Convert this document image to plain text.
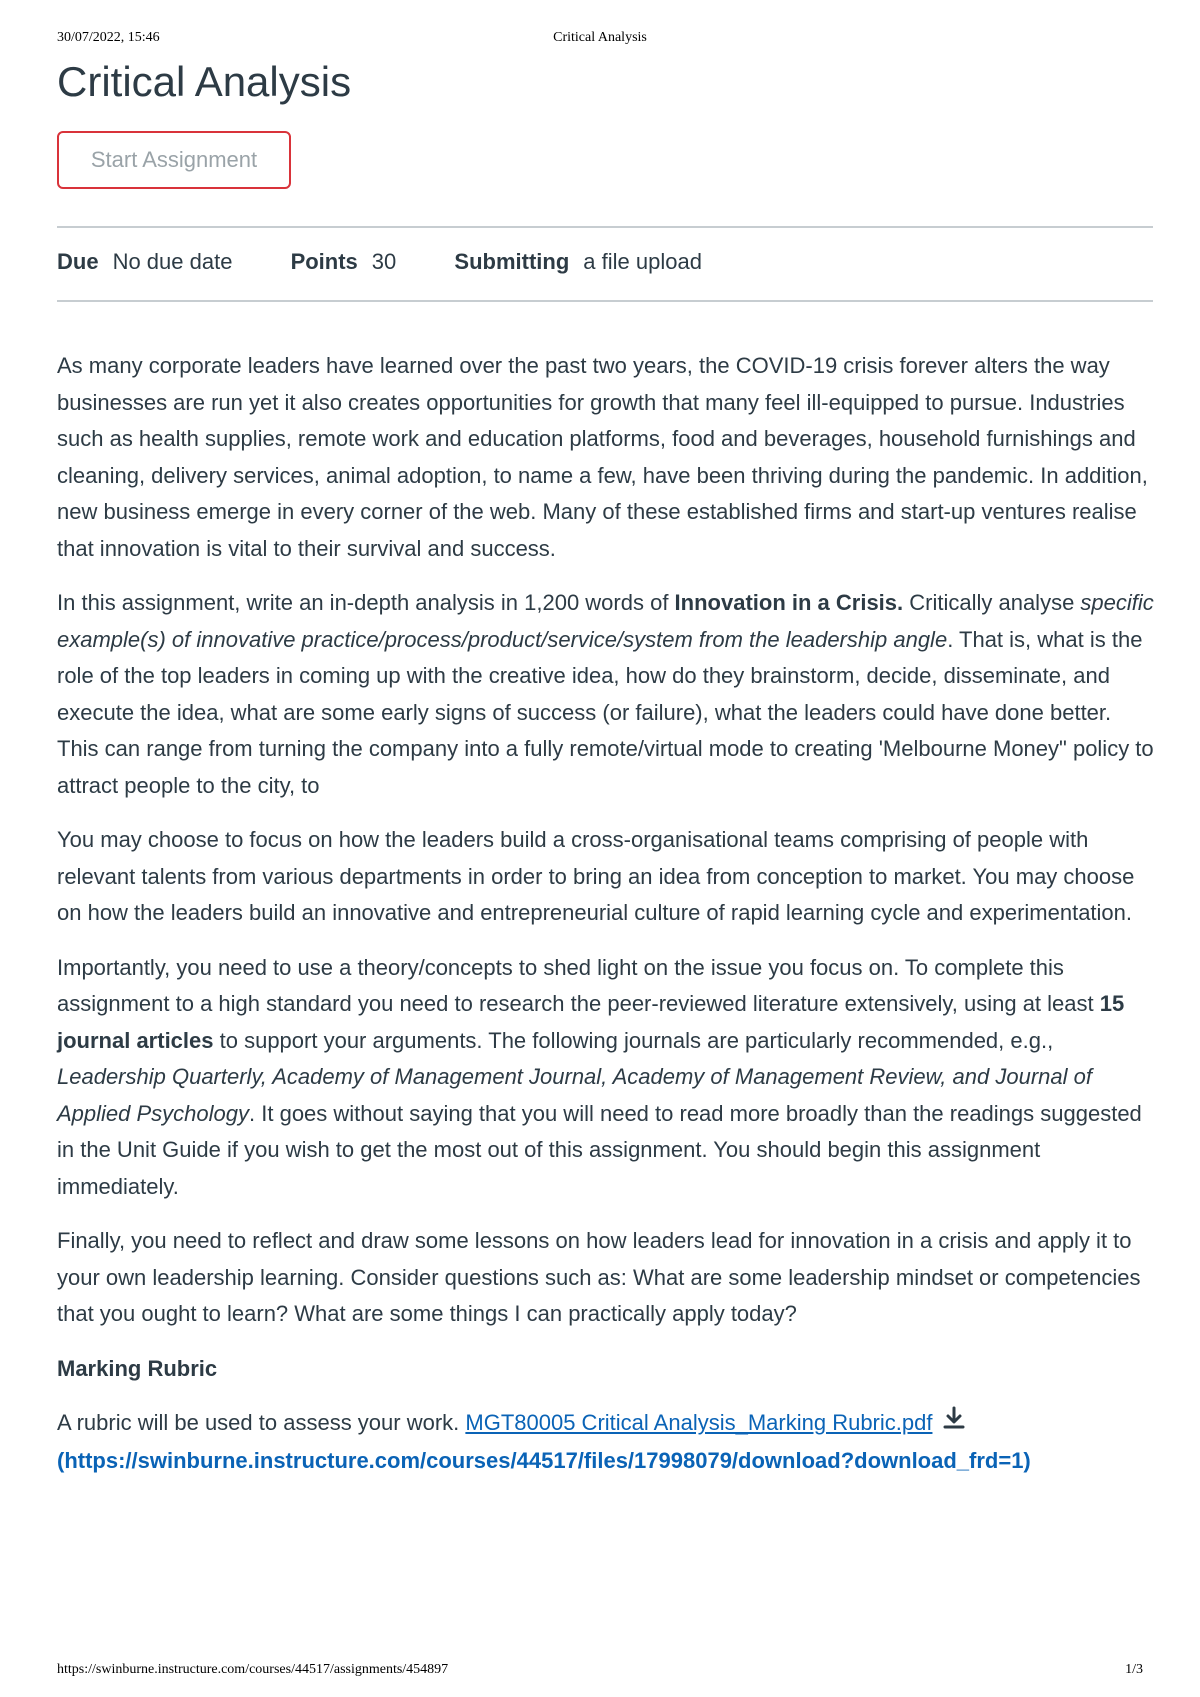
30/07/2022, 15:46	Critical Analysis
Critical Analysis
Start Assignment
Due No due date	Points 30	Submitting a file upload

As many corporate leaders have learned over the past two years, the COVID-19 crisis forever alters the way businesses are run yet it also creates opportunities for growth that many feel ill-equipped to pursue. Industries such as health supplies, remote work and education platforms, food and beverages, household furnishings and cleaning, delivery services, animal adoption, to name a few, have been thriving during the pandemic. In addition, new business emerge in every corner of the web. Many of these established firms and start-up ventures realise that innovation is vital to their survival and success.

In this assignment, write an in-depth analysis in 1,200 words of Innovation in a Crisis. Critically analyse specific example(s) of innovative practice/process/product/service/system from the leadership angle. That is, what is the role of the top leaders in coming up with the creative idea, how do they brainstorm, decide, disseminate, and execute the idea, what are some early signs of success (or failure), what the leaders could have done better. This can range from turning the company into a fully remote/virtual mode to creating 'Melbourne Money" policy to attract people to the city, to

You may choose to focus on how the leaders build a cross-organisational teams comprising of people with relevant talents from various departments in order to bring an idea from conception to market. You may choose on how the leaders build an innovative and entrepreneurial culture of rapid learning cycle and experimentation.

Importantly, you need to use a theory/concepts to shed light on the issue you focus on. To complete this assignment to a high standard you need to research the peer-reviewed literature extensively, using at least 15 journal articles to support your arguments. The following journals are particularly recommended, e.g., Leadership Quarterly, Academy of Management Journal, Academy of Management Review, and Journal of Applied Psychology. It goes without saying that you will need to read more broadly than the readings suggested in the Unit Guide if you wish to get the most out of this assignment. You should begin this assignment immediately.

Finally, you need to reflect and draw some lessons on how leaders lead for innovation in a crisis and apply it to your own leadership learning. Consider questions such as: What are some leadership mindset or competencies that you ought to learn? What are some things I can practically apply today?

Marking Rubric

A rubric will be used to assess your work. MGT80005 Critical Analysis_Marking Rubric.pdf
(https://swinburne.instructure.com/courses/44517/files/17998079/download?download_frd=1)

https://swinburne.instructure.com/courses/44517/assignments/454897	1/3
